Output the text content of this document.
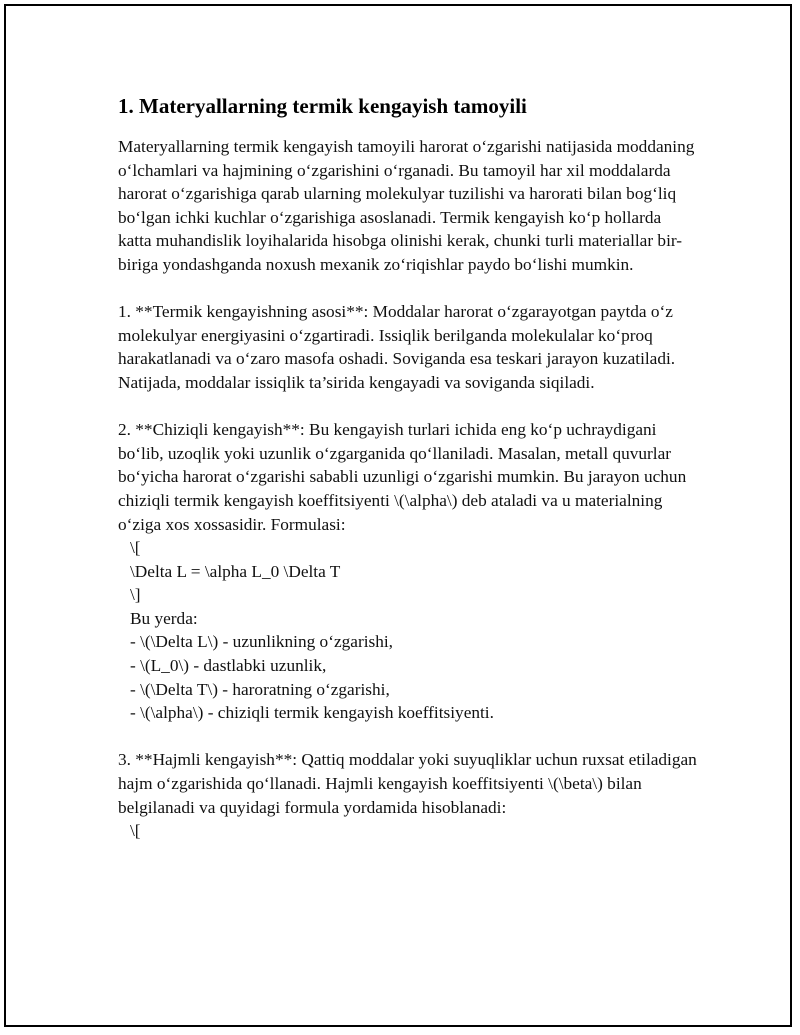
1. Materyallarning termik kengayish tamoyili

Materyallarning termik kengayish tamoyili harorat o‘zgarishi natijasida moddaning o‘lchamlari va hajmining o‘zgarishini o‘rganadi. Bu tamoyil har xil moddalarda harorat o‘zgarishiga qarab ularning molekulyar tuzilishi va harorati bilan bog‘liq bo‘lgan ichki kuchlar o‘zgarishiga asoslanadi. Termik kengayish ko‘p hollarda katta muhandislik loyihalarida hisobga olinishi kerak, chunki turli materiallar bir-biriga yondashganda noxush mexanik zo‘riqishlar paydo bo‘lishi mumkin.

1. **Termik kengayishning asosi**: Moddalar harorat o‘zgarayotgan paytda o‘z molekulyar energiyasini o‘zgartiradi. Issiqlik berilganda molekulalar ko‘proq harakatlanadi va o‘zaro masofa oshadi. Soviganda esa teskari jarayon kuzatiladi. Natijada, moddalar issiqlik ta’sirida kengayadi va soviganda siqiladi.

2. **Chiziqli kengayish**: Bu kengayish turlari ichida eng ko‘p uchraydigani bo‘lib, uzoqlik yoki uzunlik o‘zgarganida qo‘llaniladi. Masalan, metall quvurlar bo‘yicha harorat o‘zgarishi sababli uzunligi o‘zgarishi mumkin. Bu jarayon uchun chiziqli termik kengayish koeffitsiyenti \(\alpha\) deb ataladi va u materialning o‘ziga xos xossasidir. Formulasi:

\[
\Delta L = \alpha L_0 \Delta T
\]
Bu yerda:
- \(\Delta L\) - uzunlikning o‘zgarishi,
- \(L_0\) - dastlabki uzunlik,
- \(\Delta T\) - haroratning o‘zgarishi,
- \(\alpha\) - chiziqli termik kengayish koeffitsiyenti.

3. **Hajmli kengayish**: Qattiq moddalar yoki suyuqliklar uchun ruxsat etiladigan hajm o‘zgarishida qo‘llanadi. Hajmli kengayish koeffitsiyenti \(\beta\) bilan belgilanadi va quyidagi formula yordamida hisoblanadi:

\[
